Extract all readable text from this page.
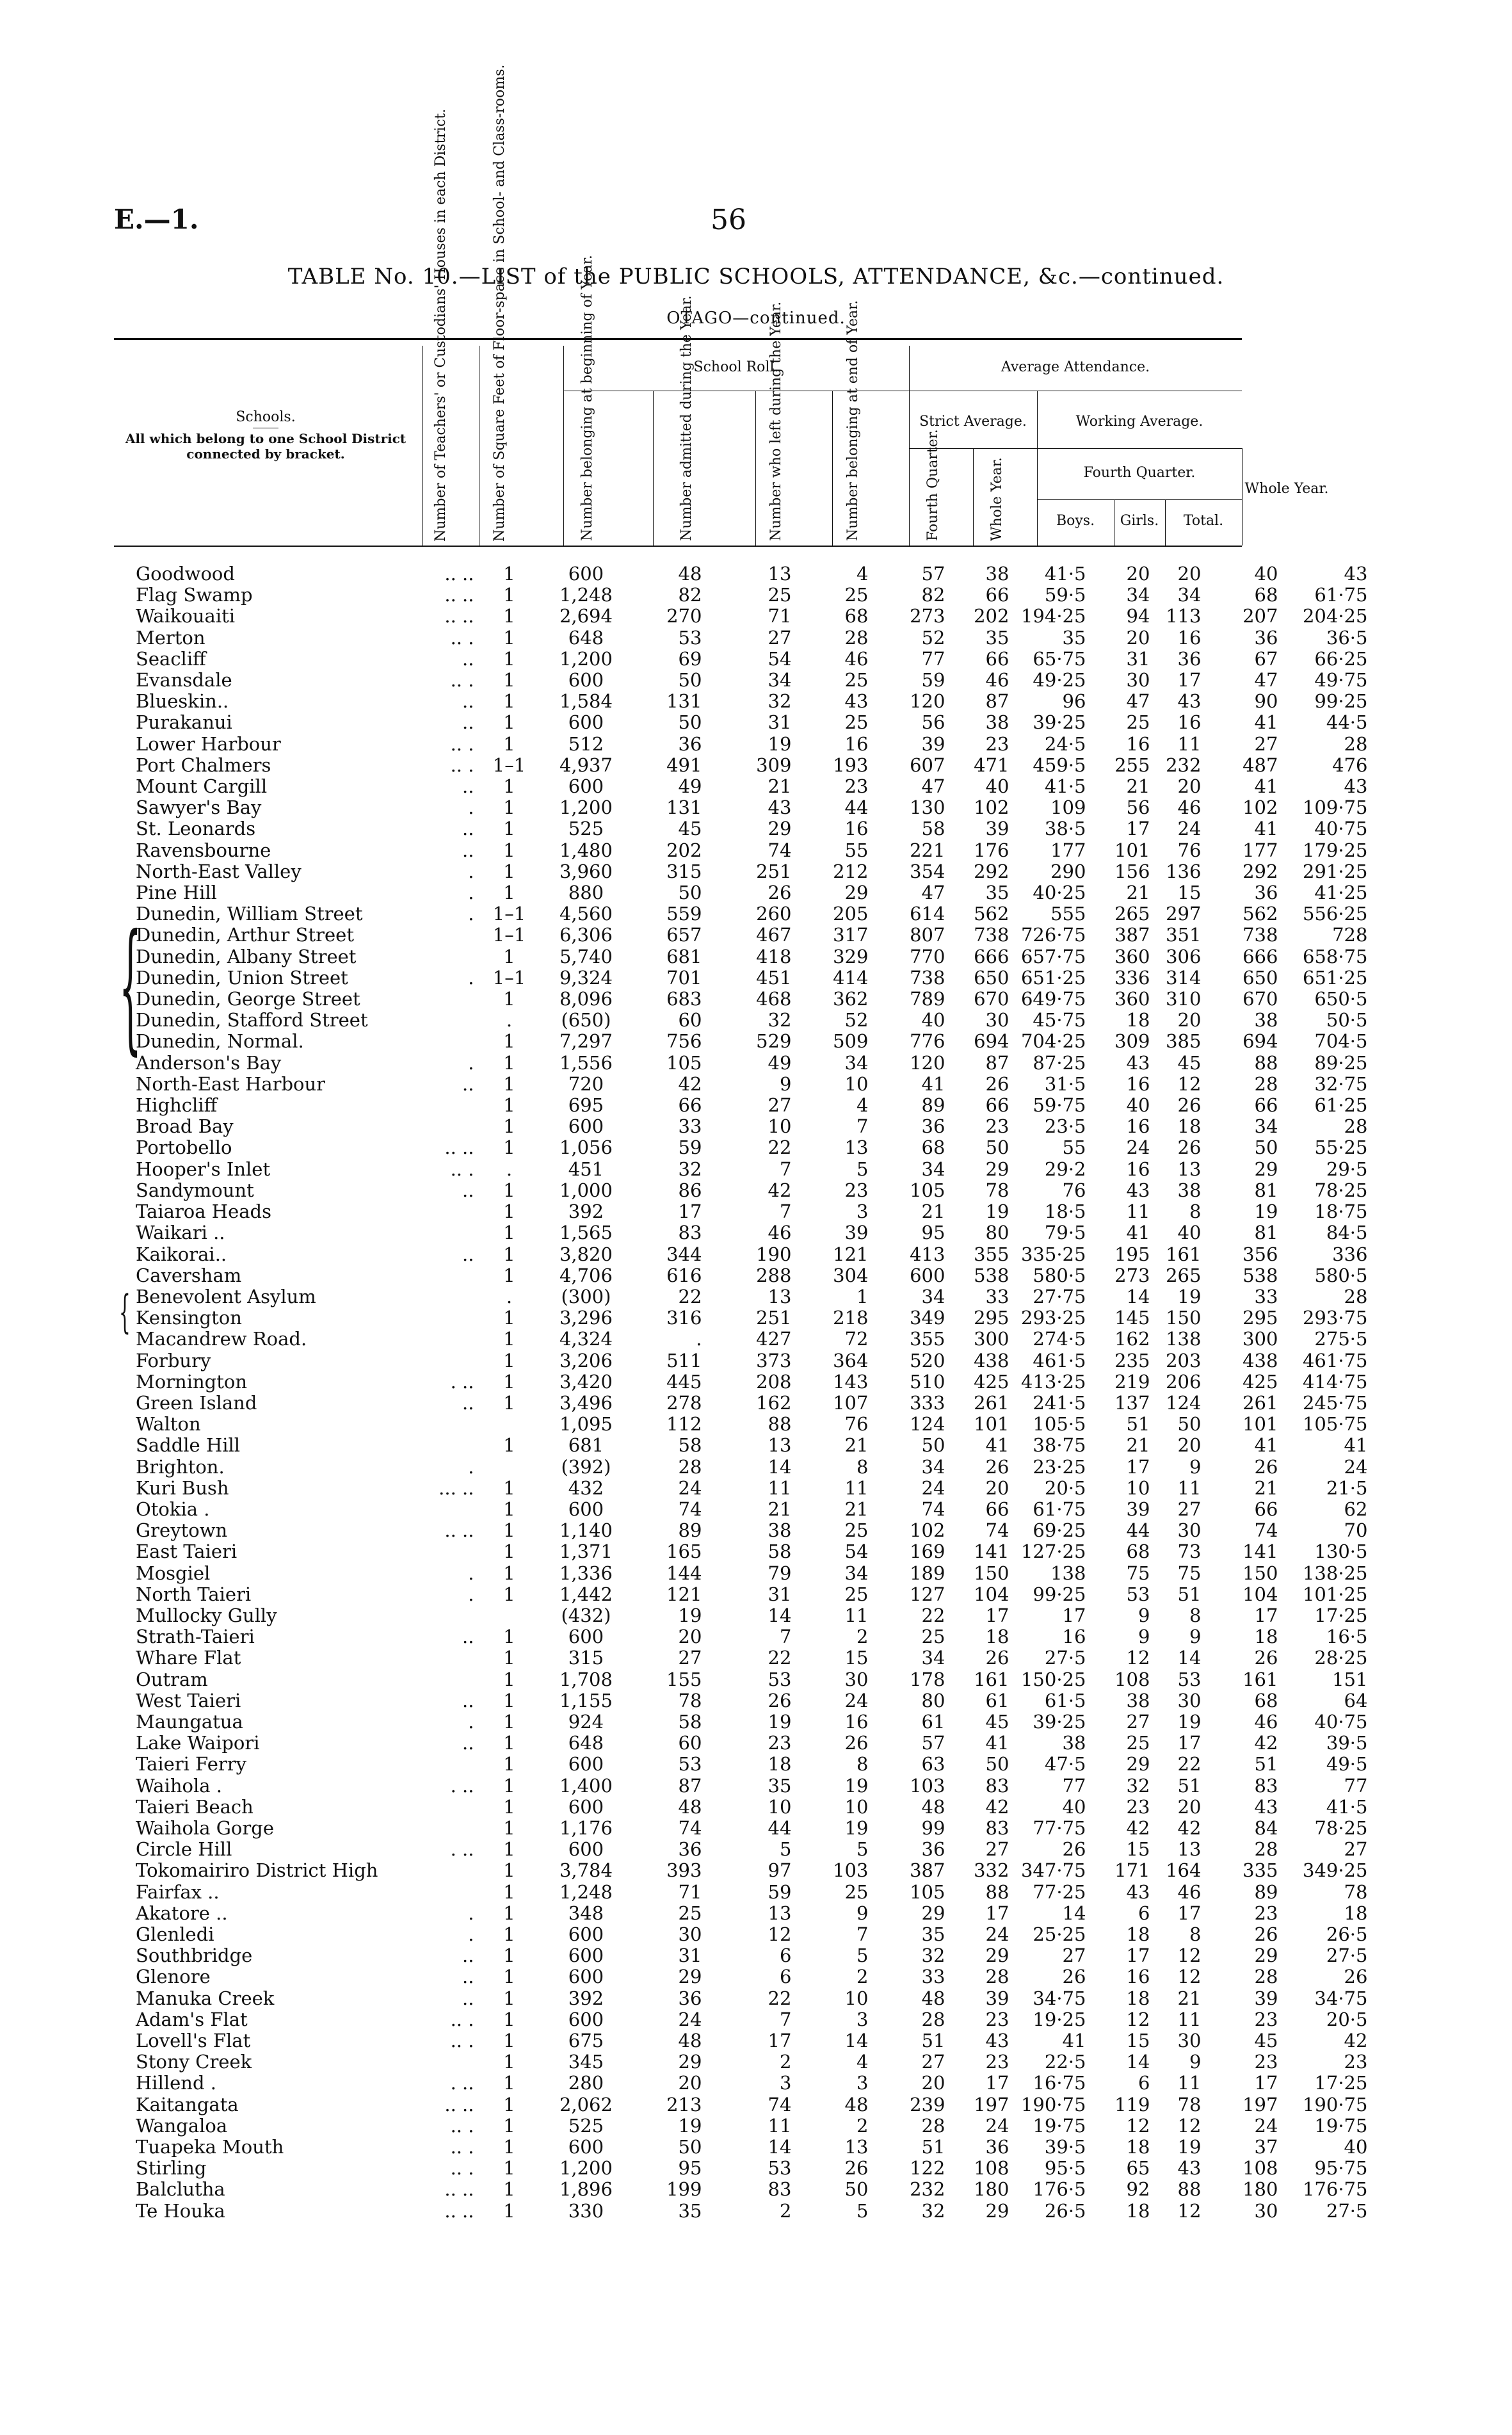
E.—1.	56
TABLE No. 10.—LIST of the PUBLIC SCHOOLS, ATTENDANCE, &c.—continued.
OTAGO—continued.
Schools.
All which belong to one School District connected by bracket.	Number of Teachers' or Custodians' Houses in each District.	Number of Square Feet of Floor-space in School- and Class-rooms.	School Roll.
Number belonging at beginning of Year.	Number admitted during the Year.	Number who left during the Year.	Number belonging at end of Year.	Average Attendance.
Strict Average.	Working Average.
Fourth Quarter.	Whole Year.	Fourth Quarter.
Boys.	Girls.	Total.
Whole Year.
{
{
Goodwood	.. ..	1	600	48	13	4	57	38	41·5	20	20	40	43
Flag Swamp	.. ..	1	1,248	82	25	25	82	66	59·5	34	34	68	61·75
Waikouaiti	.. ..	1	2,694	270	71	68	273	202	194·25	94	113	207	204·25
Merton	.. .	1	648	53	27	28	52	35	35	20	16	36	36·5
Seacliff	..	1	1,200	69	54	46	77	66	65·75	31	36	67	66·25
Evansdale	.. .	1	600	50	34	25	59	46	49·25	30	17	47	49·75
Blueskin..	..	1	1,584	131	32	43	120	87	96	47	43	90	99·25
Purakanui	..	1	600	50	31	25	56	38	39·25	25	16	41	44·5
Lower Harbour	.. .	1	512	36	19	16	39	23	24·5	16	11	27	28
Port Chalmers	.. .	1–1	4,937	491	309	193	607	471	459·5	255	232	487	476
Mount Cargill	..	1	600	49	21	23	47	40	41·5	21	20	41	43
Sawyer's Bay	.	1	1,200	131	43	44	130	102	109	56	46	102	109·75
St. Leonards	..	1	525	45	29	16	58	39	38·5	17	24	41	40·75
Ravensbourne	..	1	1,480	202	74	55	221	176	177	101	76	177	179·25
North-East Valley	.	1	3,960	315	251	212	354	292	290	156	136	292	291·25
Pine Hill	.	1	880	50	26	29	47	35	40·25	21	15	36	41·25
Dunedin, William Street	.	1–1	4,560	559	260	205	614	562	555	265	297	562	556·25
Dunedin, Arthur Street		1–1	6,306	657	467	317	807	738	726·75	387	351	738	728
Dunedin, Albany Street		1	5,740	681	418	329	770	666	657·75	360	306	666	658·75
Dunedin, Union Street	.	1–1	9,324	701	451	414	738	650	651·25	336	314	650	651·25
Dunedin, George Street		1	8,096	683	468	362	789	670	649·75	360	310	670	650·5
Dunedin, Stafford Street		.	(650)	60	32	52	40	30	45·75	18	20	38	50·5
Dunedin, Normal.		1	7,297	756	529	509	776	694	704·25	309	385	694	704·5
Anderson's Bay	.	1	1,556	105	49	34	120	87	87·25	43	45	88	89·25
North-East Harbour	..	1	720	42	9	10	41	26	31·5	16	12	28	32·75
Highcliff		1	695	66	27	4	89	66	59·75	40	26	66	61·25
Broad Bay		1	600	33	10	7	36	23	23·5	16	18	34	28
Portobello	.. ..	1	1,056	59	22	13	68	50	55	24	26	50	55·25
Hooper's Inlet	.. .	.	451	32	7	5	34	29	29·2	16	13	29	29·5
Sandymount	..	1	1,000	86	42	23	105	78	76	43	38	81	78·25
Taiaroa Heads		1	392	17	7	3	21	19	18·5	11	8	19	18·75
Waikari ..		1	1,565	83	46	39	95	80	79·5	41	40	81	84·5
Kaikorai..	..	1	3,820	344	190	121	413	355	335·25	195	161	356	336
Caversham		1	4,706	616	288	304	600	538	580·5	273	265	538	580·5
Benevolent Asylum		.	(300)	22	13	1	34	33	27·75	14	19	33	28
Kensington		1	3,296	316	251	218	349	295	293·25	145	150	295	293·75
Macandrew Road.		1	4,324	.	427	72	355	300	274·5	162	138	300	275·5
Forbury		1	3,206	511	373	364	520	438	461·5	235	203	438	461·75
Mornington	. ..	1	3,420	445	208	143	510	425	413·25	219	206	425	414·75
Green Island	..	1	3,496	278	162	107	333	261	241·5	137	124	261	245·75
Walton			1,095	112	88	76	124	101	105·5	51	50	101	105·75
Saddle Hill		1	681	58	13	21	50	41	38·75	21	20	41	41
Brighton.	.		(392)	28	14	8	34	26	23·25	17	9	26	24
Kuri Bush	... ..	1	432	24	11	11	24	20	20·5	10	11	21	21·5
Otokia .		1	600	74	21	21	74	66	61·75	39	27	66	62
Greytown	.. ..	1	1,140	89	38	25	102	74	69·25	44	30	74	70
East Taieri		1	1,371	165	58	54	169	141	127·25	68	73	141	130·5
Mosgiel	.	1	1,336	144	79	34	189	150	138	75	75	150	138·25
North Taieri	.	1	1,442	121	31	25	127	104	99·25	53	51	104	101·25
Mullocky Gully			(432)	19	14	11	22	17	17	9	8	17	17·25
Strath-Taieri	..	1	600	20	7	2	25	18	16	9	9	18	16·5
Whare Flat		1	315	27	22	15	34	26	27·5	12	14	26	28·25
Outram		1	1,708	155	53	30	178	161	150·25	108	53	161	151
West Taieri	..	1	1,155	78	26	24	80	61	61·5	38	30	68	64
Maungatua	.	1	924	58	19	16	61	45	39·25	27	19	46	40·75
Lake Waipori	..	1	648	60	23	26	57	41	38	25	17	42	39·5
Taieri Ferry		1	600	53	18	8	63	50	47·5	29	22	51	49·5
Waihola .	. ..	1	1,400	87	35	19	103	83	77	32	51	83	77
Taieri Beach		1	600	48	10	10	48	42	40	23	20	43	41·5
Waihola Gorge		1	1,176	74	44	19	99	83	77·75	42	42	84	78·25
Circle Hill	. ..	1	600	36	5	5	36	27	26	15	13	28	27
Tokomairiro District High		1	3,784	393	97	103	387	332	347·75	171	164	335	349·25
Fairfax ..		1	1,248	71	59	25	105	88	77·25	43	46	89	78
Akatore ..	.	1	348	25	13	9	29	17	14	6	17	23	18
Glenledi	.	1	600	30	12	7	35	24	25·25	18	8	26	26·5
Southbridge	..	1	600	31	6	5	32	29	27	17	12	29	27·5
Glenore	..	1	600	29	6	2	33	28	26	16	12	28	26
Manuka Creek	..	1	392	36	22	10	48	39	34·75	18	21	39	34·75
Adam's Flat	.. .	1	600	24	7	3	28	23	19·25	12	11	23	20·5
Lovell's Flat	.. .	1	675	48	17	14	51	43	41	15	30	45	42
Stony Creek		1	345	29	2	4	27	23	22·5	14	9	23	23
Hillend .	. ..	1	280	20	3	3	20	17	16·75	6	11	17	17·25
Kaitangata	.. ..	1	2,062	213	74	48	239	197	190·75	119	78	197	190·75
Wangaloa	.. .	1	525	19	11	2	28	24	19·75	12	12	24	19·75
Tuapeka Mouth	.. .	1	600	50	14	13	51	36	39·5	18	19	37	40
Stirling	.. .	1	1,200	95	53	26	122	108	95·5	65	43	108	95·75
Balclutha	.. ..	1	1,896	199	83	50	232	180	176·5	92	88	180	176·75
Te Houka	.. ..	1	330	35	2	5	32	29	26·5	18	12	30	27·5
